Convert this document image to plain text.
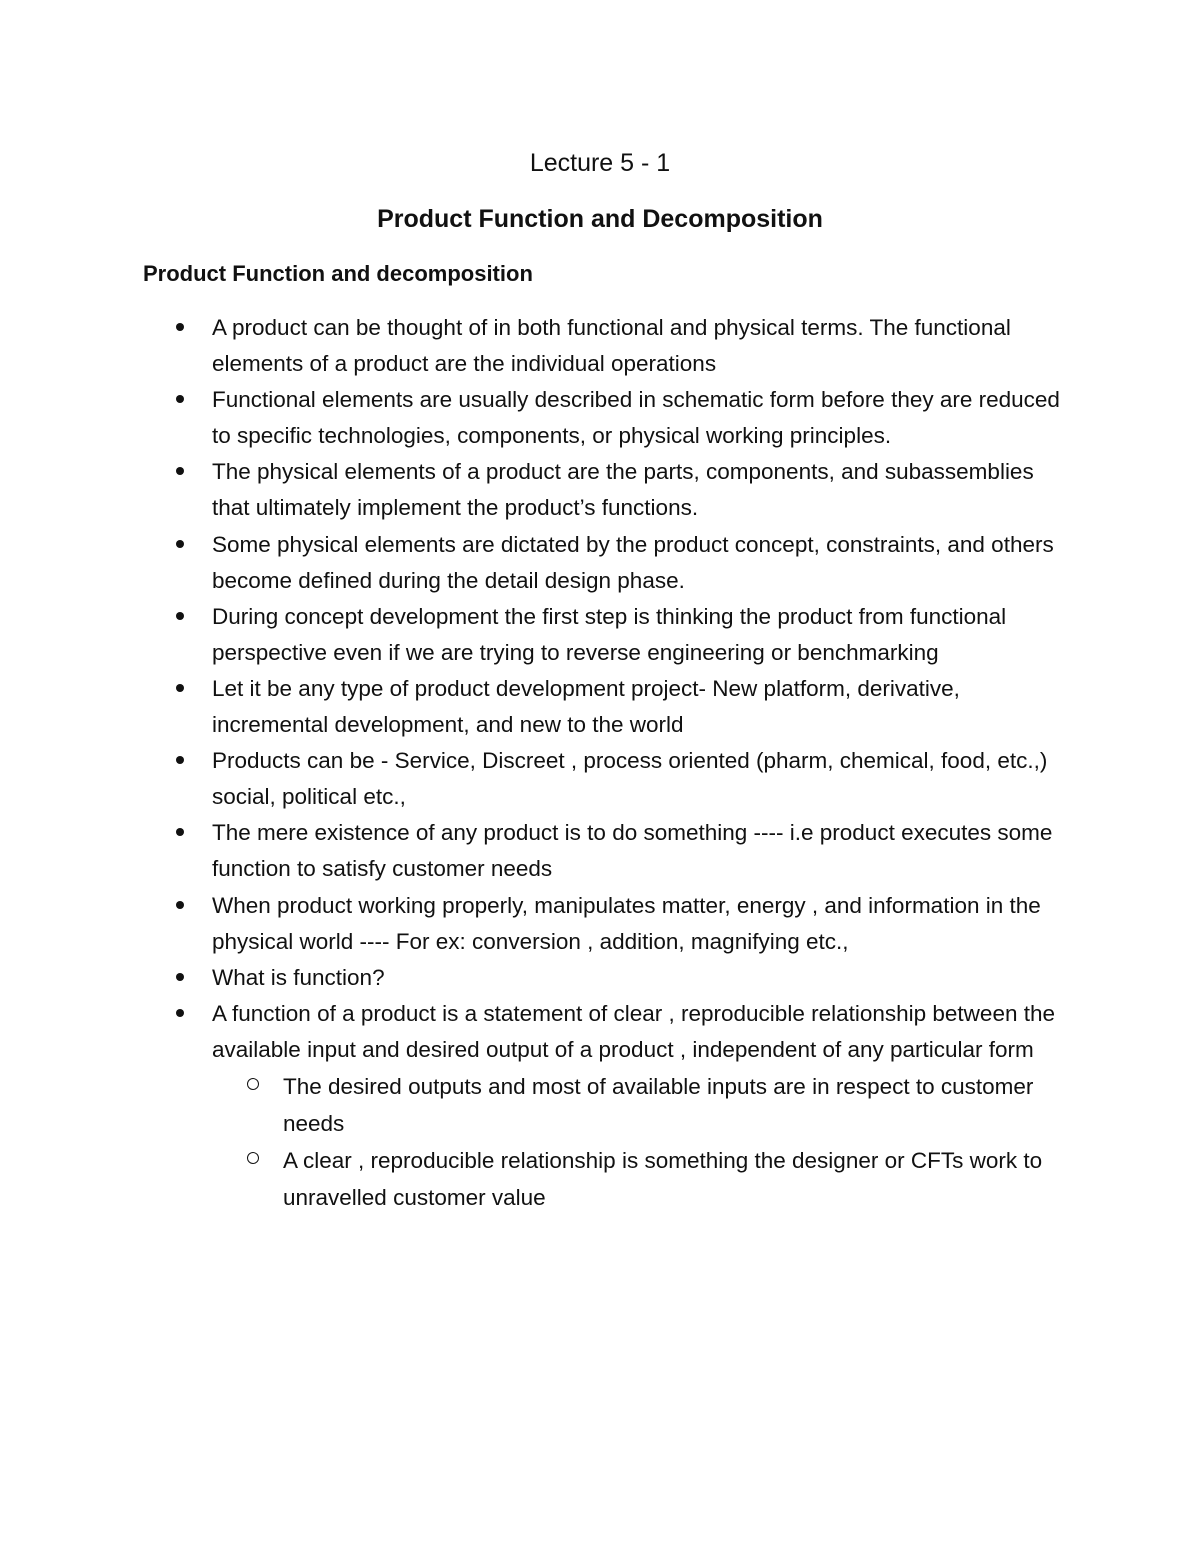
Lecture 5 - 1
Product Function and Decomposition
Product Function and decomposition
A product can be thought of in both functional and physical terms. The functional elements of a product are the individual operations
Functional elements are usually described in schematic form before they are reduced to specific technologies, components, or physical working principles.
The physical elements of a product are the parts, components, and subassemblies that ultimately implement the product’s functions.
Some physical elements are dictated by the product concept, constraints, and others become defined during the detail design phase.
During concept development the first step is thinking the product from functional perspective even if we are trying to reverse engineering or benchmarking
Let it be any type of product development project- New platform, derivative, incremental development, and new to the world
Products can be - Service, Discreet , process oriented (pharm, chemical, food, etc.,) social, political etc.,
The mere existence of any product is to do something ---- i.e product executes some function to satisfy customer needs
When product working properly, manipulates matter, energy , and information in the physical world ---- For ex: conversion , addition, magnifying etc.,
What is function?
A function of a product is a statement of clear , reproducible relationship between the available input and desired output of a product , independent of any particular form
The desired outputs and most of available inputs are in respect to customer needs
A clear , reproducible relationship is something the designer or CFTs work to unravelled customer value
